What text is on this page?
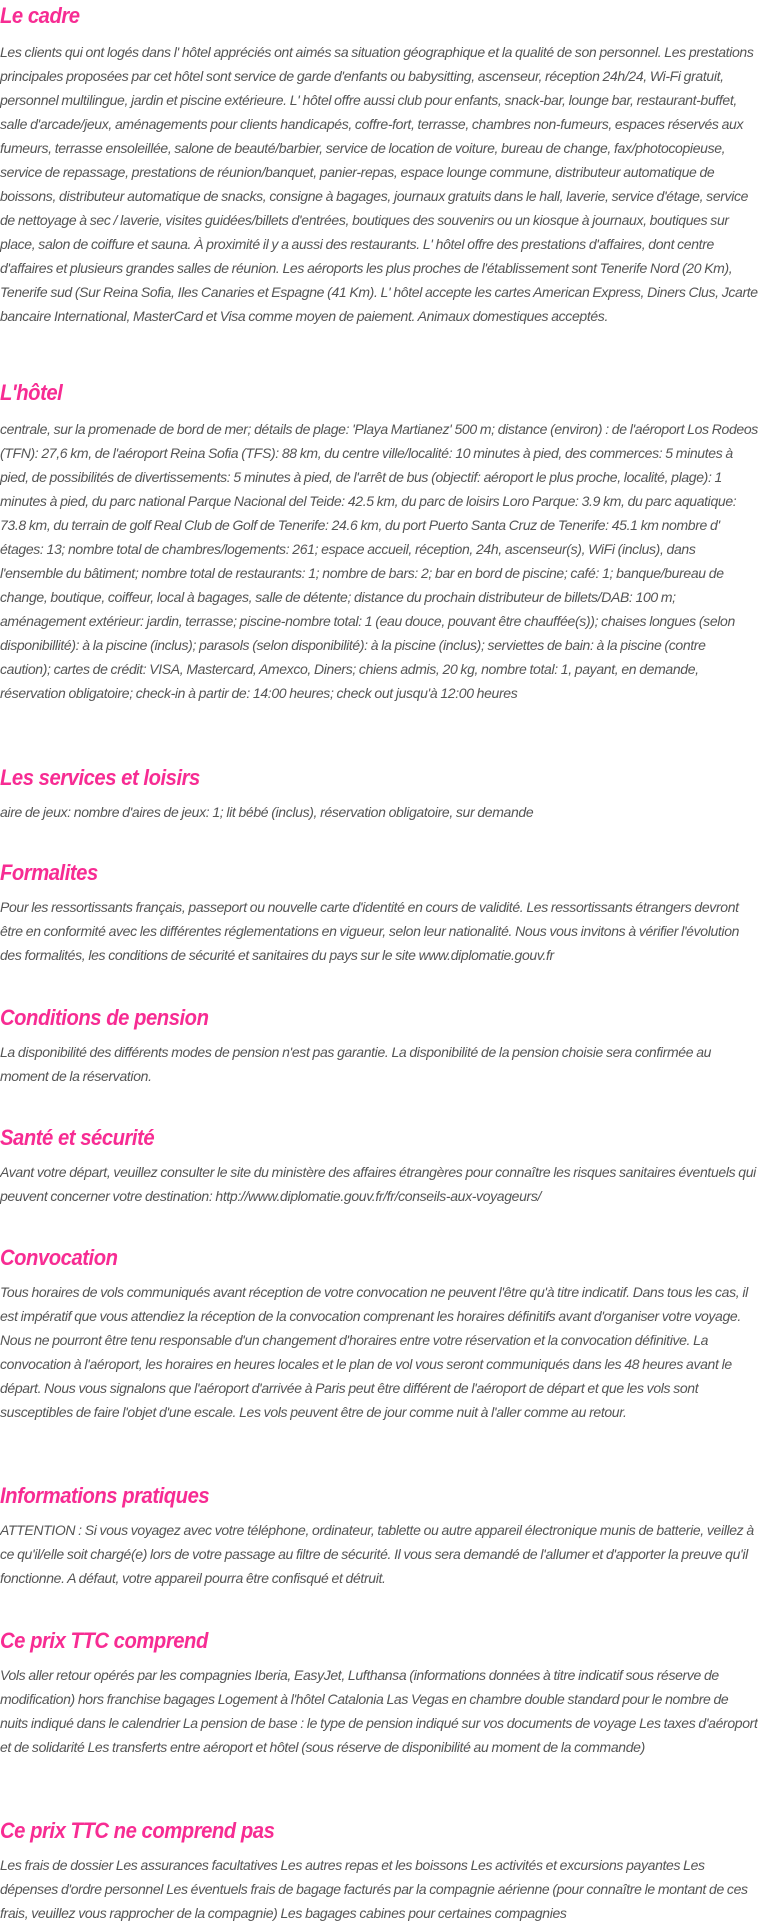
Le cadre

Les clients qui ont logés dans l' hôtel appréciés ont aimés sa situation géographique et la qualité de son personnel. Les prestations principales proposées par cet hôtel sont service de garde d'enfants ou babysitting, ascenseur, réception 24h/24, Wi-Fi gratuit, personnel multilingue, jardin et piscine extérieure. L' hôtel offre aussi club pour enfants, snack-bar, lounge bar, restaurant-buffet, salle d'arcade/jeux, aménagements pour clients handicapés, coffre-fort, terrasse, chambres non-fumeurs, espaces réservés aux fumeurs, terrasse ensoleillée, salone de beauté/barbier, service de location de voiture, bureau de change, fax/photocopieuse, service de repassage, prestations de réunion/banquet, panier-repas, espace lounge commune, distributeur automatique de boissons, distributeur automatique de snacks, consigne à bagages, journaux gratuits dans le hall, laverie, service d'étage, service de nettoyage à sec / laverie, visites guidées/billets d'entrées, boutiques des souvenirs ou un kiosque à journaux, boutiques sur place, salon de coiffure et sauna. À proximité il y a aussi des restaurants. L' hôtel offre des prestations d'affaires, dont centre d'affaires et plusieurs grandes salles de réunion. Les aéroports les plus proches de l'établissement sont Tenerife Nord (20 Km), Tenerife sud (Sur Reina Sofia, Iles Canaries et Espagne (41 Km). L' hôtel accepte les cartes American Express, Diners Clus, Jcarte bancaire International, MasterCard et Visa comme moyen de paiement. Animaux domestiques acceptés.

L'hôtel

centrale, sur la promenade de bord de mer; détails de plage: 'Playa Martianez' 500 m; distance (environ) : de l'aéroport Los Rodeos (TFN): 27,6 km, de l'aéroport Reina Sofia (TFS): 88 km, du centre ville/localité: 10 minutes à pied, des commerces: 5 minutes à pied, de possibilités de divertissements: 5 minutes à pied, de l'arrêt de bus (objectif: aéroport le plus proche, localité, plage): 1 minutes à pied, du parc national Parque Nacional del Teide: 42.5 km, du parc de loisirs Loro Parque: 3.9 km, du parc aquatique: 73.8 km, du terrain de golf Real Club de Golf de Tenerife: 24.6 km, du port Puerto Santa Cruz de Tenerife: 45.1 km nombre d' étages: 13; nombre total de chambres/logements: 261; espace accueil, réception, 24h, ascenseur(s), WiFi (inclus), dans l'ensemble du bâtiment; nombre total de restaurants: 1; nombre de bars: 2; bar en bord de piscine; café: 1; banque/bureau de change, boutique, coiffeur, local à bagages, salle de détente; distance du prochain distributeur de billets/DAB: 100 m; aménagement extérieur: jardin, terrasse; piscine-nombre total: 1 (eau douce, pouvant être chauffée(s)); chaises longues (selon disponibillité): à la piscine (inclus); parasols (selon disponibilité): à la piscine (inclus); serviettes de bain: à la piscine (contre caution); cartes de crédit: VISA, Mastercard, Amexco, Diners; chiens admis, 20 kg, nombre total: 1, payant, en demande, réservation obligatoire; check-in à partir de: 14:00 heures; check out jusqu'à 12:00 heures

Les services et loisirs

aire de jeux: nombre d'aires de jeux: 1; lit bébé (inclus), réservation obligatoire, sur demande

Formalites

Pour les ressortissants français, passeport ou nouvelle carte d'identité en cours de validité. Les ressortissants étrangers devront être en conformité avec les différentes réglementations en vigueur, selon leur nationalité. Nous vous invitons à vérifier l'évolution des formalités, les conditions de sécurité et sanitaires du pays sur le site www.diplomatie.gouv.fr

Conditions de pension

La disponibilité des différents modes de pension n'est pas garantie. La disponibilité de la pension choisie sera confirmée au moment de la réservation.

Santé et sécurité

Avant votre départ, veuillez consulter le site du ministère des affaires étrangères pour connaître les risques sanitaires éventuels qui peuvent concerner votre destination: http://www.diplomatie.gouv.fr/fr/conseils-aux-voyageurs/

Convocation

Tous horaires de vols communiqués avant réception de votre convocation ne peuvent l'être qu'à titre indicatif. Dans tous les cas, il est impératif que vous attendiez la réception de la convocation comprenant les horaires définitifs avant d'organiser votre voyage. Nous ne pourront être tenu responsable d'un changement d'horaires entre votre réservation et la convocation définitive. La convocation à l'aéroport, les horaires en heures locales et le plan de vol vous seront communiqués dans les 48 heures avant le départ. Nous vous signalons que l'aéroport d'arrivée à Paris peut être différent de l'aéroport de départ et que les vols sont susceptibles de faire l'objet d'une escale. Les vols peuvent être de jour comme nuit à l'aller comme au retour.

Informations pratiques

ATTENTION : Si vous voyagez avec votre téléphone, ordinateur, tablette ou autre appareil électronique munis de batterie, veillez à ce qu'il/elle soit chargé(e) lors de votre passage au filtre de sécurité. Il vous sera demandé de l'allumer et d'apporter la preuve qu'il fonctionne. A défaut, votre appareil pourra être confisqué et détruit.

Ce prix TTC comprend

Vols aller retour opérés par les compagnies Iberia, EasyJet, Lufthansa (informations données à titre indicatif sous réserve de modification) hors franchise bagages Logement à l'hôtel Catalonia Las Vegas en chambre double standard pour le nombre de nuits indiqué dans le calendrier La pension de base : le type de pension indiqué sur vos documents de voyage Les taxes d'aéroport et de solidarité Les transferts entre aéroport et hôtel (sous réserve de disponibilité au moment de la commande)

Ce prix TTC ne comprend pas

Les frais de dossier Les assurances facultatives Les autres repas et les boissons Les activités et excursions payantes Les dépenses d'ordre personnel Les éventuels frais de bagage facturés par la compagnie aérienne (pour connaître le montant de ces frais, veuillez vous rapprocher de la compagnie) Les bagages cabines pour certaines compagnies
